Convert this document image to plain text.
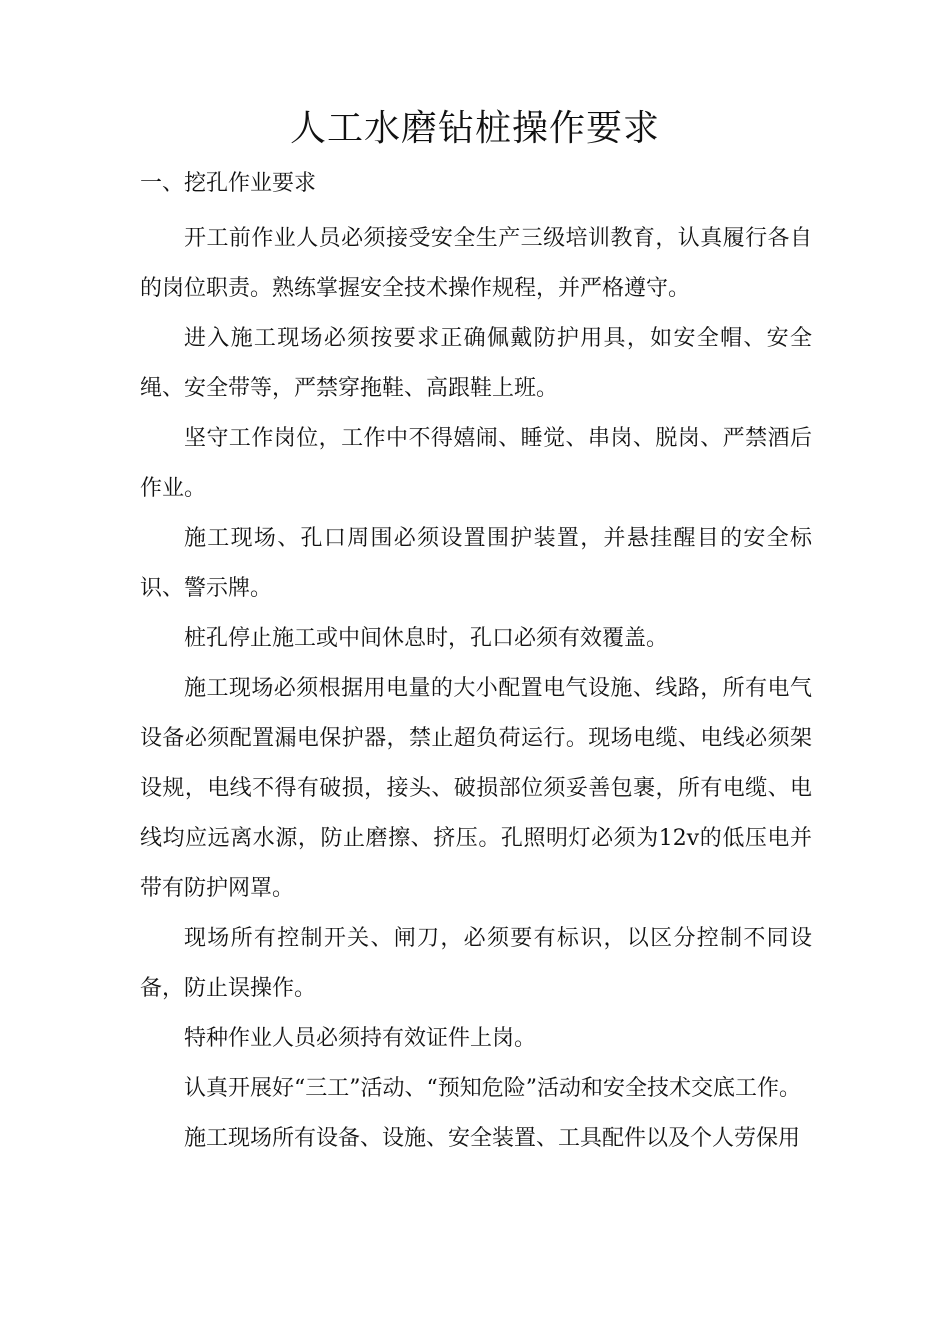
人工水磨钻桩操作要求
一、挖孔作业要求

开工前作业人员必须接受安全生产三级培训教育，认真履行各自的岗位职责。熟练掌握安全技术操作规程，并严格遵守。

进入施工现场必须按要求正确佩戴防护用具，如安全帽、安全绳、安全带等，严禁穿拖鞋、高跟鞋上班。

坚守工作岗位，工作中不得嬉闹、睡觉、串岗、脱岗、严禁酒后作业。

施工现场、孔口周围必须设置围护装置，并悬挂醒目的安全标识、警示牌。

桩孔停止施工或中间休息时，孔口必须有效覆盖。

施工现场必须根据用电量的大小配置电气设施、线路，所有电气设备必须配置漏电保护器，禁止超负荷运行。现场电缆、电线必须架设规，电线不得有破损，接头、破损部位须妥善包裹，所有电缆、电线均应远离水源，防止磨擦、挤压。孔照明灯必须为12v的低压电并带有防护网罩。

现场所有控制开关、闸刀，必须要有标识，以区分控制不同设备，防止误操作。

特种作业人员必须持有效证件上岗。

认真开展好“三工”活动、“预知危险”活动和安全技术交底工作。

施工现场所有设备、设施、安全装置、工具配件以及个人劳保用
